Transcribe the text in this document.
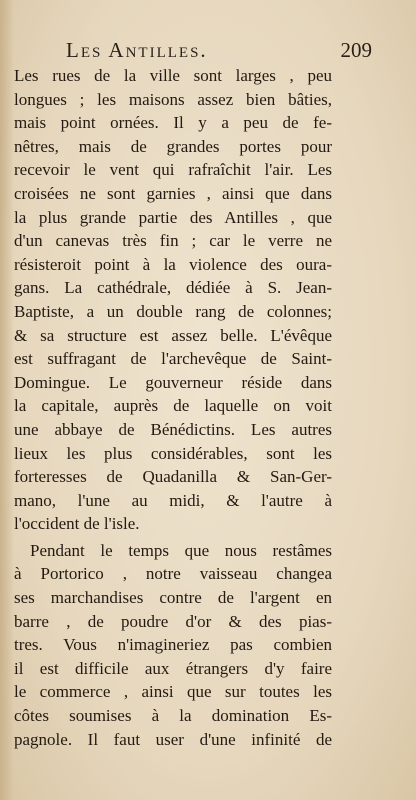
Les Antilles.	209
Les rues de la ville sont larges , peu
longues ; les maisons assez bien bâties,
mais point ornées. Il y a peu de fe-
nêtres, mais de grandes portes pour
recevoir le vent qui rafraîchit l'air. Les
croisées ne sont garnies , ainsi que dans
la plus grande partie des Antilles , que
d'un canevas très fin ; car le verre ne
résisteroit point à la violence des oura-
gans. La cathédrale, dédiée à S. Jean-
Baptiste, a un double rang de colonnes;
& sa structure est assez belle. L'évêque
est suffragant de l'archevêque de Saint-
Domingue. Le gouverneur réside dans
la capitale, auprès de laquelle on voit
une abbaye de Bénédictins. Les autres
lieux les plus considérables, sont les
forteresses de Quadanilla & San-Ger-
mano, l'une au midi, & l'autre à
l'occident de l'isle.
Pendant le temps que nous restâmes
à Portorico , notre vaisseau changea
ses marchandises contre de l'argent en
barre , de poudre d'or & des pias-
tres. Vous n'imagineriez pas combien
il est difficile aux étrangers d'y faire
le commerce , ainsi que sur toutes les
côtes soumises à la domination Es-
pagnole. Il faut user d'une infinité de
